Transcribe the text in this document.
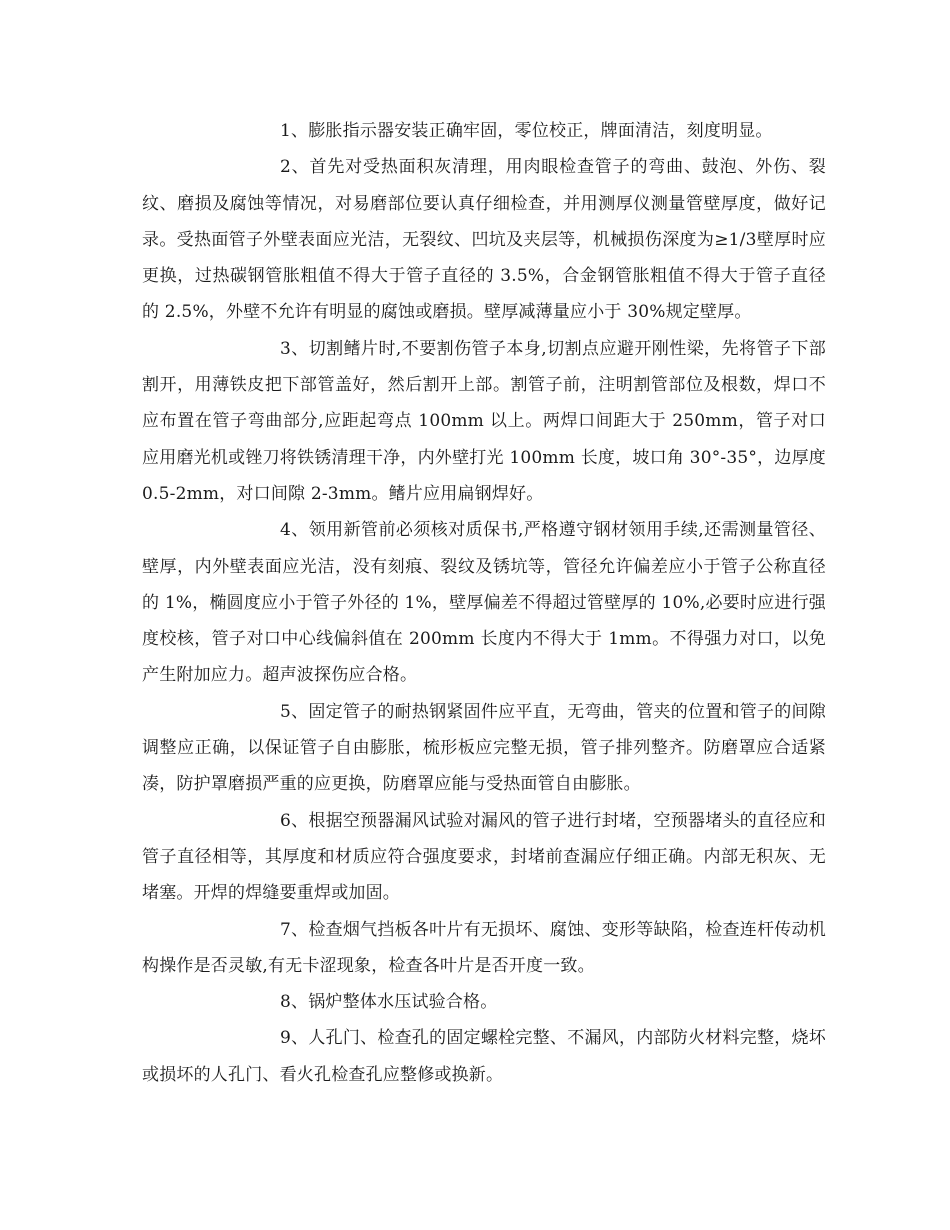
1、膨胀指示器安装正确牢固，零位校正，牌面清洁，刻度明显。

2、首先对受热面积灰清理，用肉眼检查管子的弯曲、鼓泡、外伤、裂纹、磨损及腐蚀等情况，对易磨部位要认真仔细检查，并用测厚仪测量管壁厚度，做好记录。受热面管子外壁表面应光洁，无裂纹、凹坑及夹层等，机械损伤深度为≥1/3壁厚时应更换，过热碳钢管胀粗值不得大于管子直径的 3.5%，合金钢管胀粗值不得大于管子直径的 2.5%，外壁不允许有明显的腐蚀或磨损。壁厚减薄量应小于 30%规定壁厚。

3、切割鳍片时,不要割伤管子本身,切割点应避开刚性梁，先将管子下部割开，用薄铁皮把下部管盖好，然后割开上部。割管子前，注明割管部位及根数，焊口不应布置在管子弯曲部分,应距起弯点 100mm 以上。两焊口间距大于 250mm，管子对口应用磨光机或锉刀将铁锈清理干净，内外壁打光 100mm 长度，坡口角 30°-35°，边厚度 0.5-2mm，对口间隙 2-3mm。鳍片应用扁钢焊好。

4、领用新管前必须核对质保书,严格遵守钢材领用手续,还需测量管径、壁厚，内外壁表面应光洁，没有刻痕、裂纹及锈坑等，管径允许偏差应小于管子公称直径的 1%，椭圆度应小于管子外径的 1%，壁厚偏差不得超过管壁厚的 10%,必要时应进行强度校核，管子对口中心线偏斜值在 200mm 长度内不得大于 1mm。不得强力对口，以免产生附加应力。超声波探伤应合格。

5、固定管子的耐热钢紧固件应平直，无弯曲，管夹的位置和管子的间隙调整应正确，以保证管子自由膨胀，梳形板应完整无损，管子排列整齐。防磨罩应合适紧凑，防护罩磨损严重的应更换，防磨罩应能与受热面管自由膨胀。

6、根据空预器漏风试验对漏风的管子进行封堵，空预器堵头的直径应和管子直径相等，其厚度和材质应符合强度要求，封堵前查漏应仔细正确。内部无积灰、无堵塞。开焊的焊缝要重焊或加固。

7、检查烟气挡板各叶片有无损坏、腐蚀、变形等缺陷，检查连杆传动机构操作是否灵敏,有无卡涩现象，检查各叶片是否开度一致。

8、锅炉整体水压试验合格。

9、人孔门、检查孔的固定螺栓完整、不漏风，内部防火材料完整，烧坏或损坏的人孔门、看火孔检查孔应整修或换新。
